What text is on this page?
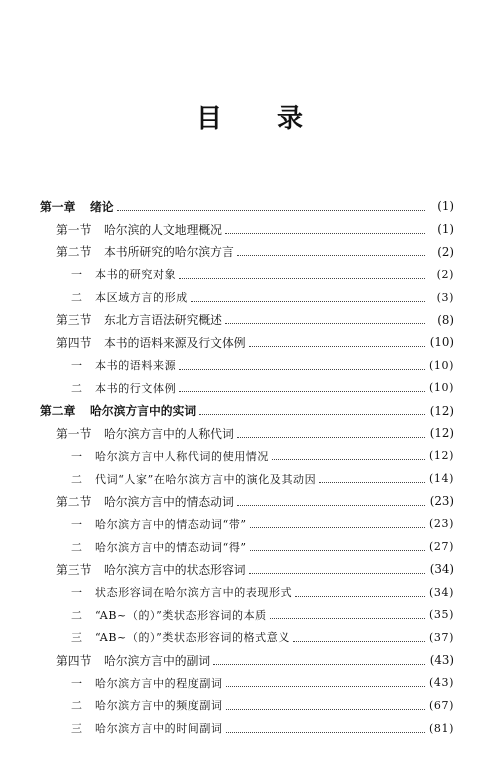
目 录
第一章	绪论	(1)
第一节	哈尔滨的人文地理概况	(1)
第二节	本书所研究的哈尔滨方言	(2)
一	本书的研究对象	(2)
二	本区域方言的形成	(3)
第三节	东北方言语法研究概述	(8)
第四节	本书的语料来源及行文体例	(10)
一	本书的语料来源	(10)
二	本书的行文体例	(10)
第二章	哈尔滨方言中的实词	(12)
第一节	哈尔滨方言中的人称代词	(12)
一	哈尔滨方言中人称代词的使用情况	(12)
二	代词“人家”在哈尔滨方言中的演化及其动因	(14)
第二节	哈尔滨方言中的情态动词	(23)
一	哈尔滨方言中的情态动词“带”	(23)
二	哈尔滨方言中的情态动词“得”	(27)
第三节	哈尔滨方言中的状态形容词	(34)
一	状态形容词在哈尔滨方言中的表现形式	(34)
二	“AB~（的）”类状态形容词的本质	(35)
三	“AB~（的）”类状态形容词的格式意义	(37)
第四节	哈尔滨方言中的副词	(43)
一	哈尔滨方言中的程度副词	(43)
二	哈尔滨方言中的频度副词	(67)
三	哈尔滨方言中的时间副词	(81)
